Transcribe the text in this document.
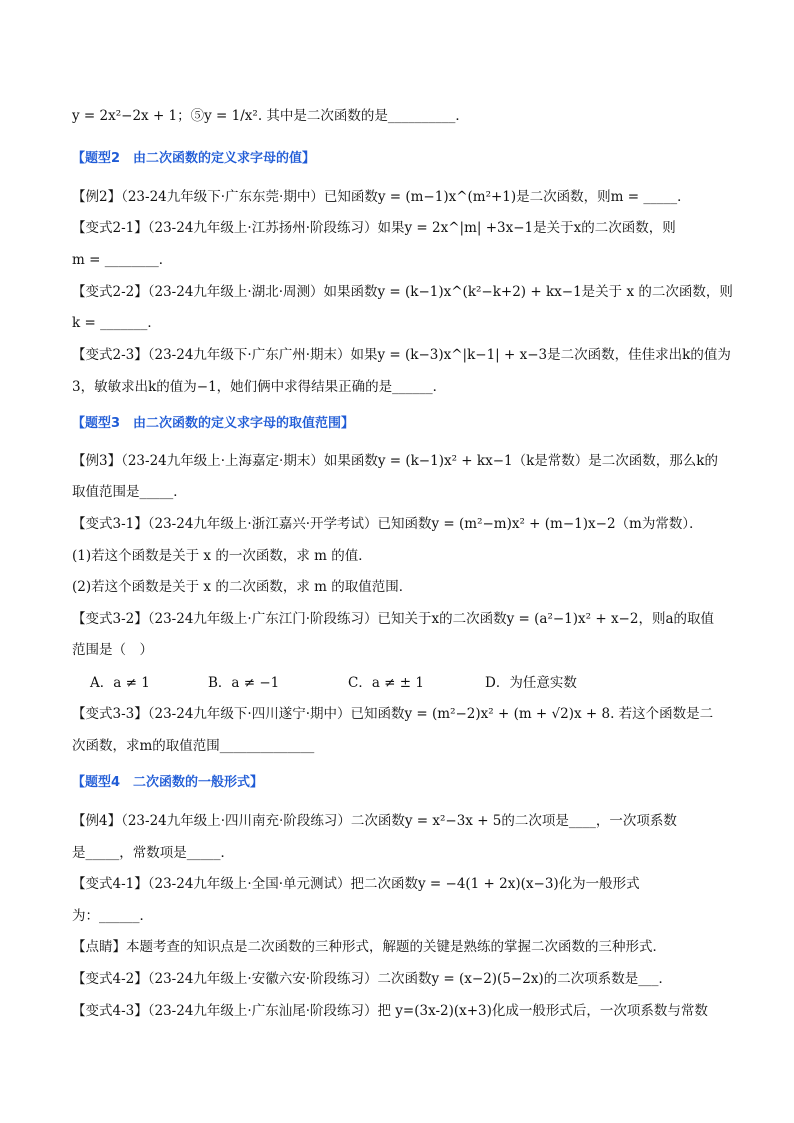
y = 2x²−2x + 1；⑤y = 1/x². 其中是二次函数的是__________．
【题型2　由二次函数的定义求字母的值】
【例2】（23-24九年级下·广东东莞·期中）已知函数y = (m−1)x^(m²+1)是二次函数，则m = _____．
【变式2-1】（23-24九年级上·江苏扬州·阶段练习）如果y = 2x^|m| +3x−1是关于x的二次函数，则
m = ________．
【变式2-2】（23-24九年级上·湖北·周测）如果函数y = (k−1)x^(k²−k+2) + kx−1是关于 x 的二次函数，则
k = _______．
【变式2-3】（23-24九年级下·广东广州·期末）如果y = (k−3)x^|k−1| + x−3是二次函数，佳佳求出k的值为
3，敏敏求出k的值为−1，她们俩中求得结果正确的是______．
【题型3　由二次函数的定义求字母的取值范围】
【例3】（23-24九年级上·上海嘉定·期末）如果函数y = (k−1)x² + kx−1（k是常数）是二次函数，那么k的
取值范围是_____．
【变式3-1】（23-24九年级上·浙江嘉兴·开学考试）已知函数y = (m²−m)x² + (m−1)x−2（m为常数）．
(1)若这个函数是关于 x 的一次函数，求 m 的值．
(2)若这个函数是关于 x 的二次函数，求 m 的取值范围．
【变式3-2】（23-24九年级上·广东江门·阶段练习）已知关于x的二次函数y = (a²−1)x² + x−2，则a的取值
范围是（　）
A．a ≠ 1	B．a ≠ −1	C．a ≠ ± 1	D．为任意实数
【变式3-3】（23-24九年级下·四川遂宁·期中）已知函数y = (m²−2)x² + (m + √2)x + 8. 若这个函数是二
次函数，求m的取值范围______________
【题型4　二次函数的一般形式】
【例4】（23-24九年级上·四川南充·阶段练习）二次函数y = x²−3x + 5的二次项是____，一次项系数
是_____，常数项是_____．
【变式4-1】（23-24九年级上·全国·单元测试）把二次函数y = −4(1 + 2x)(x−3)化为一般形式
为：______．
【点睛】本题考查的知识点是二次函数的三种形式，解题的关键是熟练的掌握二次函数的三种形式．
【变式4-2】（23-24九年级上·安徽六安·阶段练习）二次函数y = (x−2)(5−2x)的二次项系数是___．
【变式4-3】（23-24九年级上·广东汕尾·阶段练习）把 y=(3x-2)(x+3)化成一般形式后，一次项系数与常数
